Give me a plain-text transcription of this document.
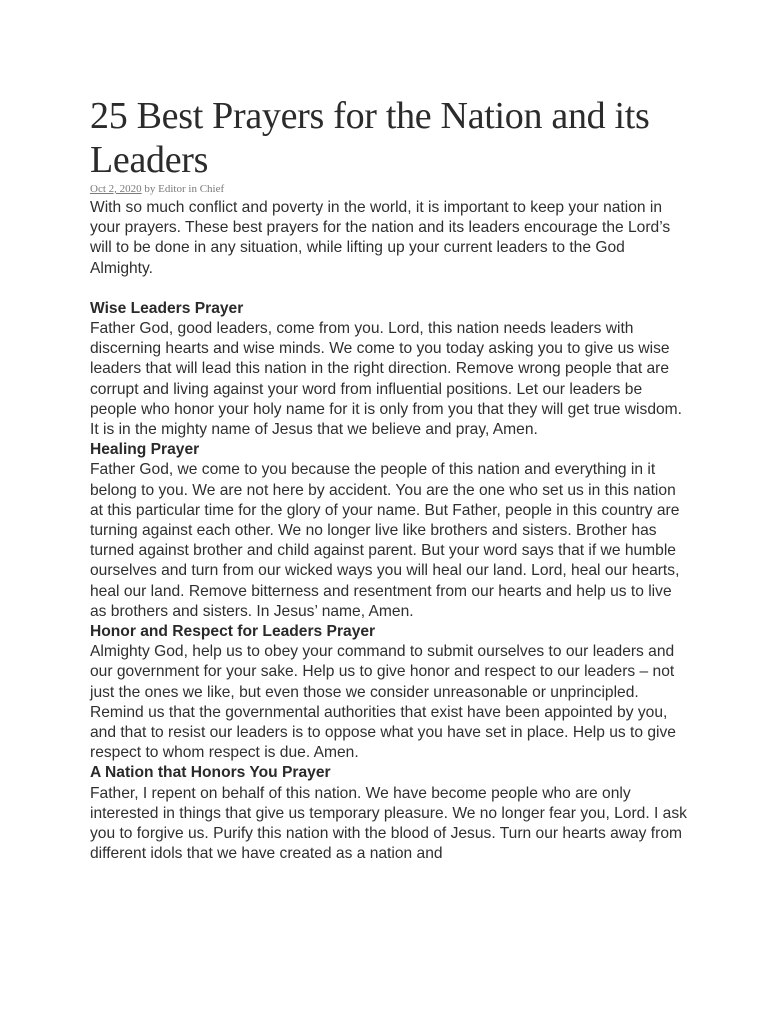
25 Best Prayers for the Nation and its Leaders
Oct 2, 2020 by Editor in Chief

With so much conflict and poverty in the world, it is important to keep your nation in your prayers. These best prayers for the nation and its leaders encourage the Lord’s will to be done in any situation, while lifting up your current leaders to the God Almighty.

Wise Leaders Prayer

Father God, good leaders, come from you. Lord, this nation needs leaders with discerning hearts and wise minds. We come to you today asking you to give us wise leaders that will lead this nation in the right direction. Remove wrong people that are corrupt and living against your word from influential positions. Let our leaders be people who honor your holy name for it is only from you that they will get true wisdom. It is in the mighty name of Jesus that we believe and pray, Amen.

Healing Prayer

Father God, we come to you because the people of this nation and everything in it belong to you. We are not here by accident. You are the one who set us in this nation at this particular time for the glory of your name. But Father, people in this country are turning against each other. We no longer live like brothers and sisters. Brother has turned against brother and child against parent. But your word says that if we humble ourselves and turn from our wicked ways you will heal our land. Lord, heal our hearts, heal our land. Remove bitterness and resentment from our hearts and help us to live as brothers and sisters. In Jesus’ name, Amen.

Honor and Respect for Leaders Prayer

Almighty God, help us to obey your command to submit ourselves to our leaders and our government for your sake. Help us to give honor and respect to our leaders – not just the ones we like, but even those we consider unreasonable or unprincipled. Remind us that the governmental authorities that exist have been appointed by you, and that to resist our leaders is to oppose what you have set in place. Help us to give respect to whom respect is due. Amen.

A Nation that Honors You Prayer

Father, I repent on behalf of this nation. We have become people who are only interested in things that give us temporary pleasure. We no longer fear you, Lord. I ask you to forgive us. Purify this nation with the blood of Jesus. Turn our hearts away from different idols that we have created as a nation and
